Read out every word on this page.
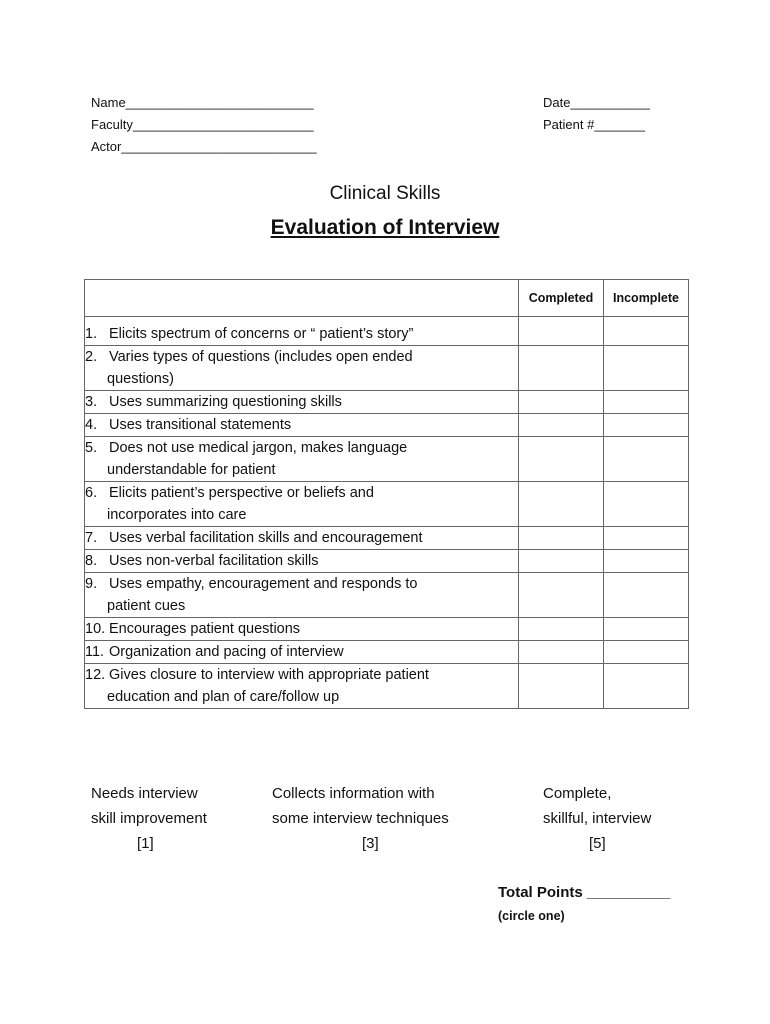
Name__________________________
Faculty_________________________
Actor___________________________
Date___________
Patient #_______
Clinical Skills
Evaluation of Interview
	Completed	Incomplete
1. Elicits spectrum of concerns or “ patient’s story”		
2. Varies types of questions (includes open ended
questions)		

3. Uses summarizing questioning skills		
4. Uses transitional statements		
5. Does not use medical jargon, makes language
understandable for patient		

6. Elicits patient’s perspective or beliefs and
incorporates into care		

7. Uses verbal facilitation skills and encouragement		
8. Uses non-verbal facilitation skills		
9. Uses empathy, encouragement and responds to
patient cues		

10. Encourages patient questions		
11. Organization and pacing of interview		
12. Gives closure to interview with appropriate patient
education and plan of care/follow up		

Needs interview
skill improvement
[1]
Collects information with
some interview techniques
[3]
Complete,
skillful, interview
[5]
Total Points __________
(circle one)
